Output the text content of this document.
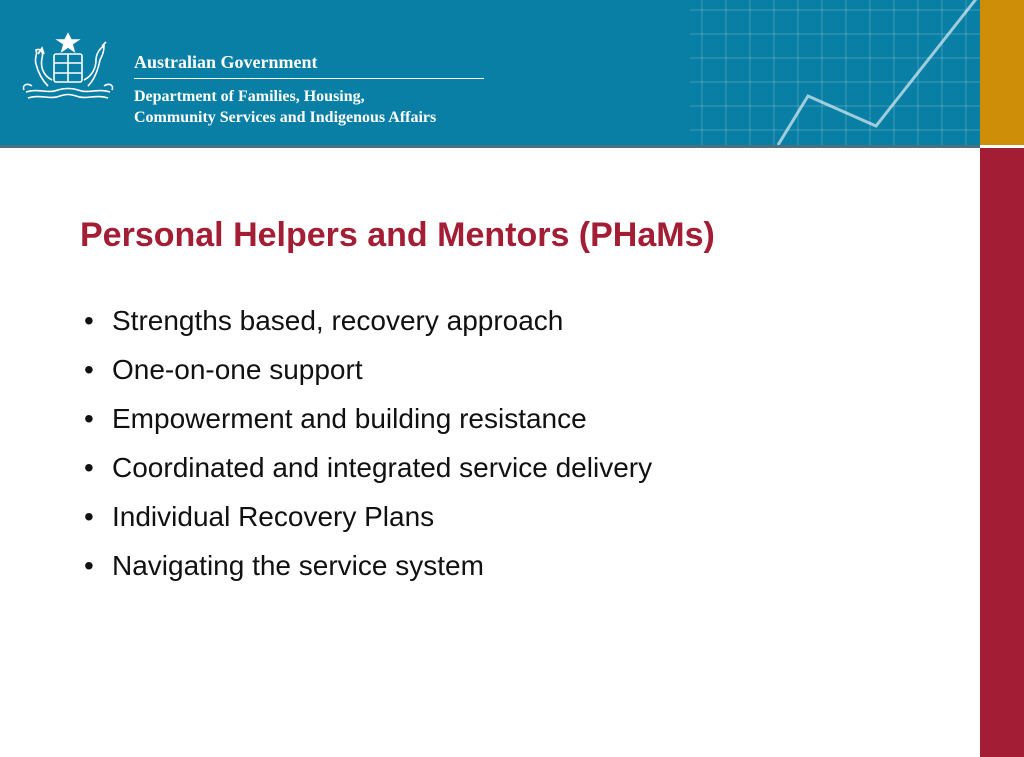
Australian Government
Department of Families, Housing,
Community Services and Indigenous Affairs
Personal Helpers and Mentors (PHaMs)
• Strengths based, recovery approach
• One-on-one support
• Empowerment and building resistance
• Coordinated and integrated service delivery
• Individual Recovery Plans
• Navigating the service system
